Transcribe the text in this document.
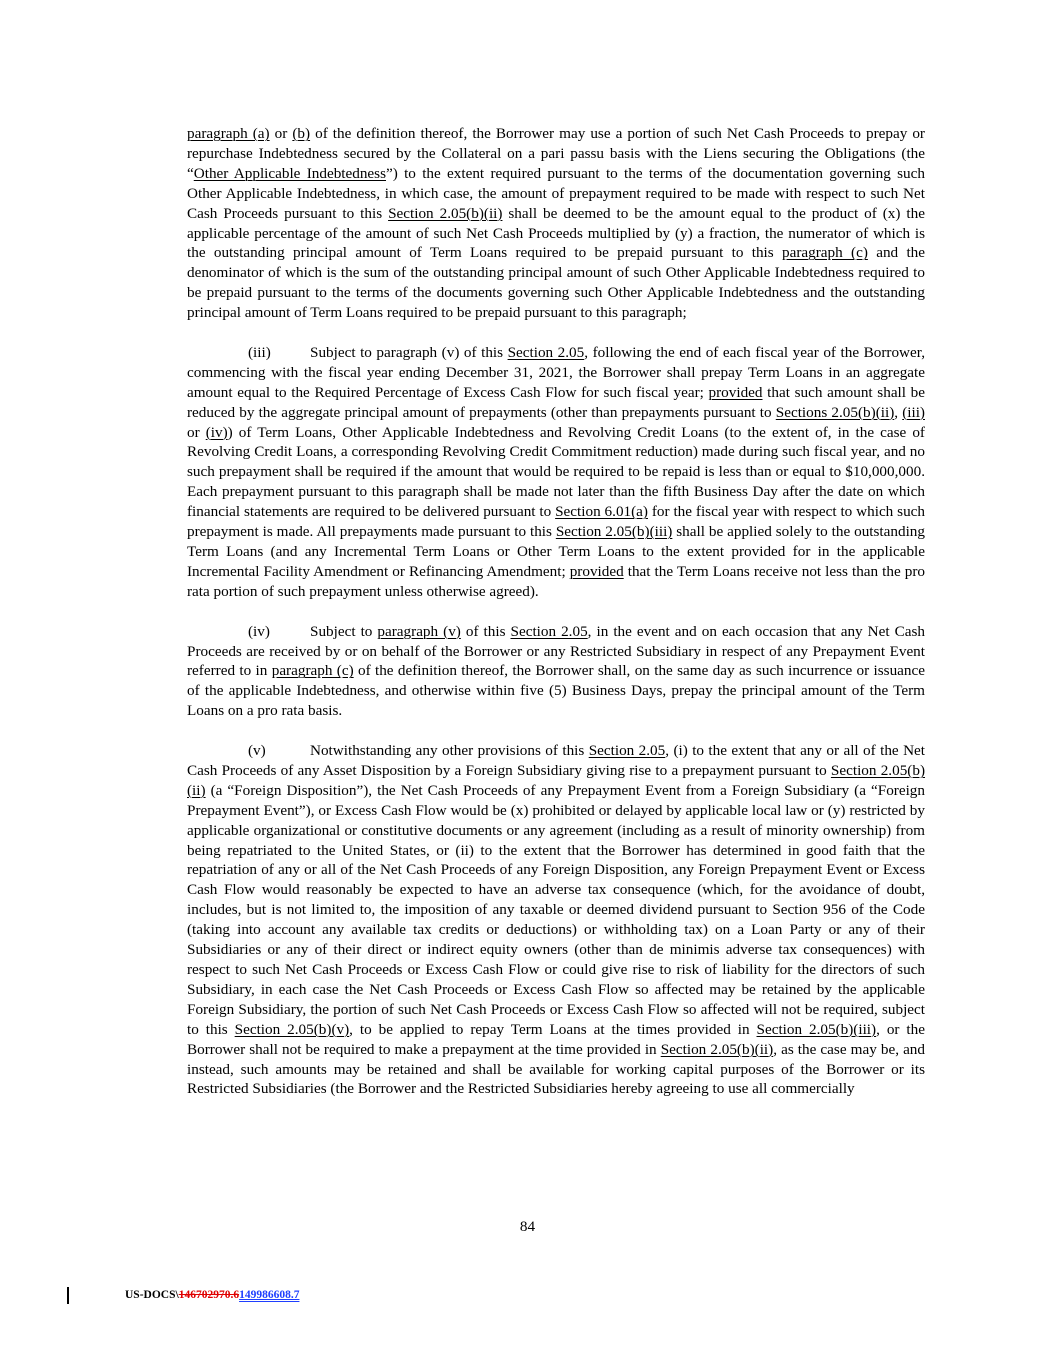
paragraph (a) or (b) of the definition thereof, the Borrower may use a portion of such Net Cash Proceeds to prepay or repurchase Indebtedness secured by the Collateral on a pari passu basis with the Liens securing the Obligations (the “Other Applicable Indebtedness”) to the extent required pursuant to the terms of the documentation governing such Other Applicable Indebtedness, in which case, the amount of prepayment required to be made with respect to such Net Cash Proceeds pursuant to this Section 2.05(b)(ii) shall be deemed to be the amount equal to the product of (x) the applicable percentage of the amount of such Net Cash Proceeds multiplied by (y) a fraction, the numerator of which is the outstanding principal amount of Term Loans required to be prepaid pursuant to this paragraph (c) and the denominator of which is the sum of the outstanding principal amount of such Other Applicable Indebtedness required to be prepaid pursuant to the terms of the documents governing such Other Applicable Indebtedness and the outstanding principal amount of Term Loans required to be prepaid pursuant to this paragraph;

(iii)	Subject to paragraph (v) of this Section 2.05, following the end of each fiscal year of the Borrower, commencing with the fiscal year ending December 31, 2021, the Borrower shall prepay Term Loans in an aggregate amount equal to the Required Percentage of Excess Cash Flow for such fiscal year; provided that such amount shall be reduced by the aggregate principal amount of prepayments (other than prepayments pursuant to Sections 2.05(b)(ii), (iii) or (iv)) of Term Loans, Other Applicable Indebtedness and Revolving Credit Loans (to the extent of, in the case of Revolving Credit Loans, a corresponding Revolving Credit Commitment reduction) made during such fiscal year, and no such prepayment shall be required if the amount that would be required to be repaid is less than or equal to $10,000,000. Each prepayment pursuant to this paragraph shall be made not later than the fifth Business Day after the date on which financial statements are required to be delivered pursuant to Section 6.01(a) for the fiscal year with respect to which such prepayment is made. All prepayments made pursuant to this Section 2.05(b)(iii) shall be applied solely to the outstanding Term Loans (and any Incremental Term Loans or Other Term Loans to the extent provided for in the applicable Incremental Facility Amendment or Refinancing Amendment; provided that the Term Loans receive not less than the pro rata portion of such prepayment unless otherwise agreed).

(iv)	Subject to paragraph (v) of this Section 2.05, in the event and on each occasion that any Net Cash Proceeds are received by or on behalf of the Borrower or any Restricted Subsidiary in respect of any Prepayment Event referred to in paragraph (c) of the definition thereof, the Borrower shall, on the same day as such incurrence or issuance of the applicable Indebtedness, and otherwise within five (5) Business Days, prepay the principal amount of the Term Loans on a pro rata basis.

(v)	Notwithstanding any other provisions of this Section 2.05, (i) to the extent that any or all of the Net Cash Proceeds of any Asset Disposition by a Foreign Subsidiary giving rise to a prepayment pursuant to Section 2.05(b)(ii) (a “Foreign Disposition”), the Net Cash Proceeds of any Prepayment Event from a Foreign Subsidiary (a “Foreign Prepayment Event”), or Excess Cash Flow would be (x) prohibited or delayed by applicable local law or (y) restricted by applicable organizational or constitutive documents or any agreement (including as a result of minority ownership) from being repatriated to the United States, or (ii) to the extent that the Borrower has determined in good faith that the repatriation of any or all of the Net Cash Proceeds of any Foreign Disposition, any Foreign Prepayment Event or Excess Cash Flow would reasonably be expected to have an adverse tax consequence (which, for the avoidance of doubt, includes, but is not limited to, the imposition of any taxable or deemed dividend pursuant to Section 956 of the Code (taking into account any available tax credits or deductions) or withholding tax) on a Loan Party or any of their Subsidiaries or any of their direct or indirect equity owners (other than de minimis adverse tax consequences) with respect to such Net Cash Proceeds or Excess Cash Flow or could give rise to risk of liability for the directors of such Subsidiary, in each case the Net Cash Proceeds or Excess Cash Flow so affected may be retained by the applicable Foreign Subsidiary, the portion of such Net Cash Proceeds or Excess Cash Flow so affected will not be required, subject to this Section 2.05(b)(v), to be applied to repay Term Loans at the times provided in Section 2.05(b)(iii), or the Borrower shall not be required to make a prepayment at the time provided in Section 2.05(b)(ii), as the case may be, and instead, such amounts may be retained and shall be available for working capital purposes of the Borrower or its Restricted Subsidiaries (the Borrower and the Restricted Subsidiaries hereby agreeing to use all commercially

84
US-DOCS\146702970.6149986608.7
